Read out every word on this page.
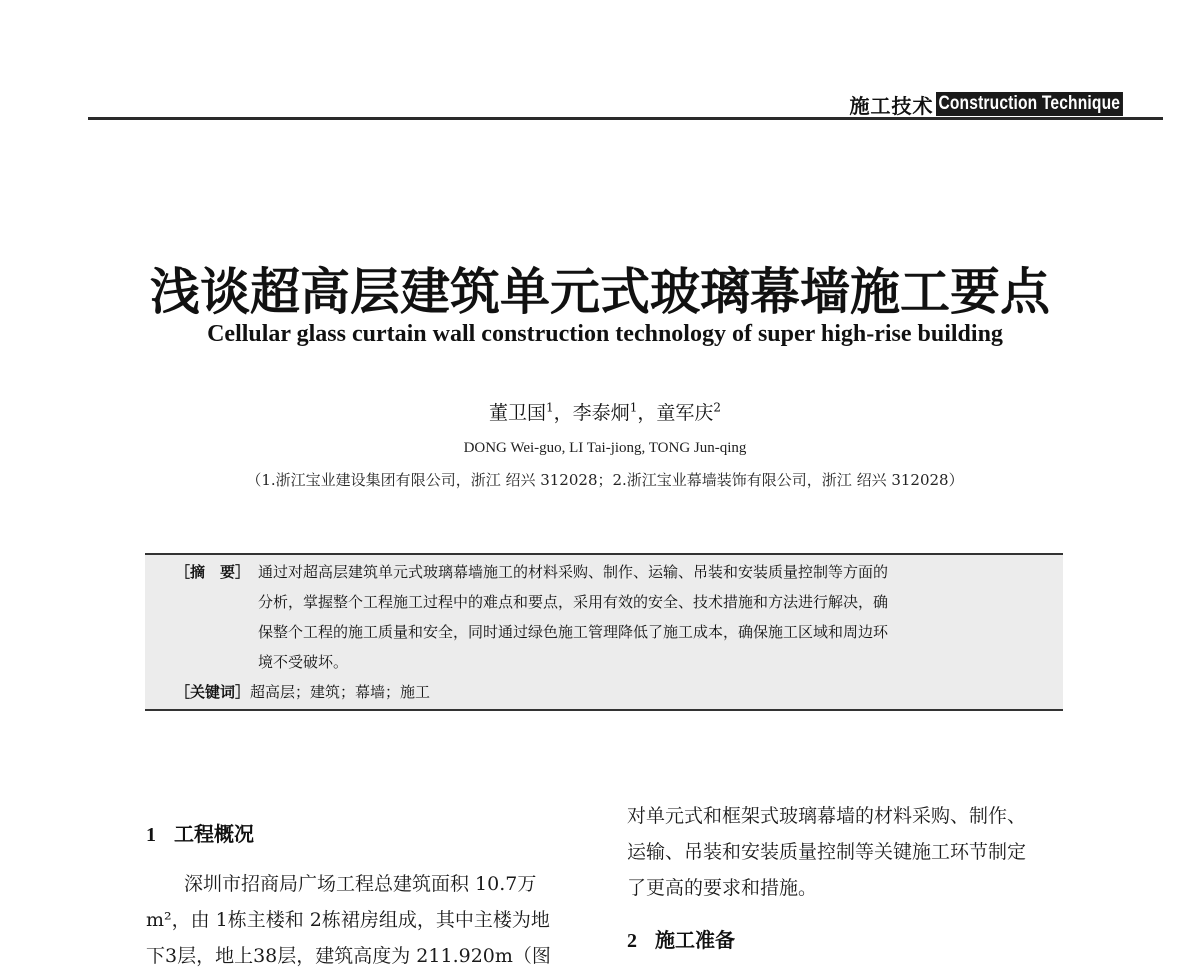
施工技术 Construction Technique
浅谈超高层建筑单元式玻璃幕墙施工要点
Cellular glass curtain wall construction technology of super high-rise building
董卫国$^1$，李泰炯$^1$，童军庆$^2$
DONG Wei-guo, LI Tai-jiong, TONG Jun-qing
（1.浙江宝业建设集团有限公司，浙江 绍兴 312028；2.浙江宝业幕墙装饰有限公司，浙江 绍兴 312028）
［摘　要］ 通过对超高层建筑单元式玻璃幕墙施工的材料采购、制作、运输、吊装和安装质量控制等方面的
分析，掌握整个工程施工过程中的难点和要点，采用有效的安全、技术措施和方法进行解决，确
保整个工程的施工质量和安全，同时通过绿色施工管理降低了施工成本，确保施工区域和周边环
境不受破坏。
［关键词］超高层；建筑；幕墙；施工
1 工程概况

深圳市招商局广场工程总建筑面积 10.7万

m²，由 1栋主楼和 2栋裙房组成，其中主楼为地

下3层，地上38层，建筑高度为 211.920m（图

对单元式和框架式玻璃幕墙的材料采购、制作、

运输、吊装和安装质量控制等关键施工环节制定

了更高的要求和措施。

2 施工准备
